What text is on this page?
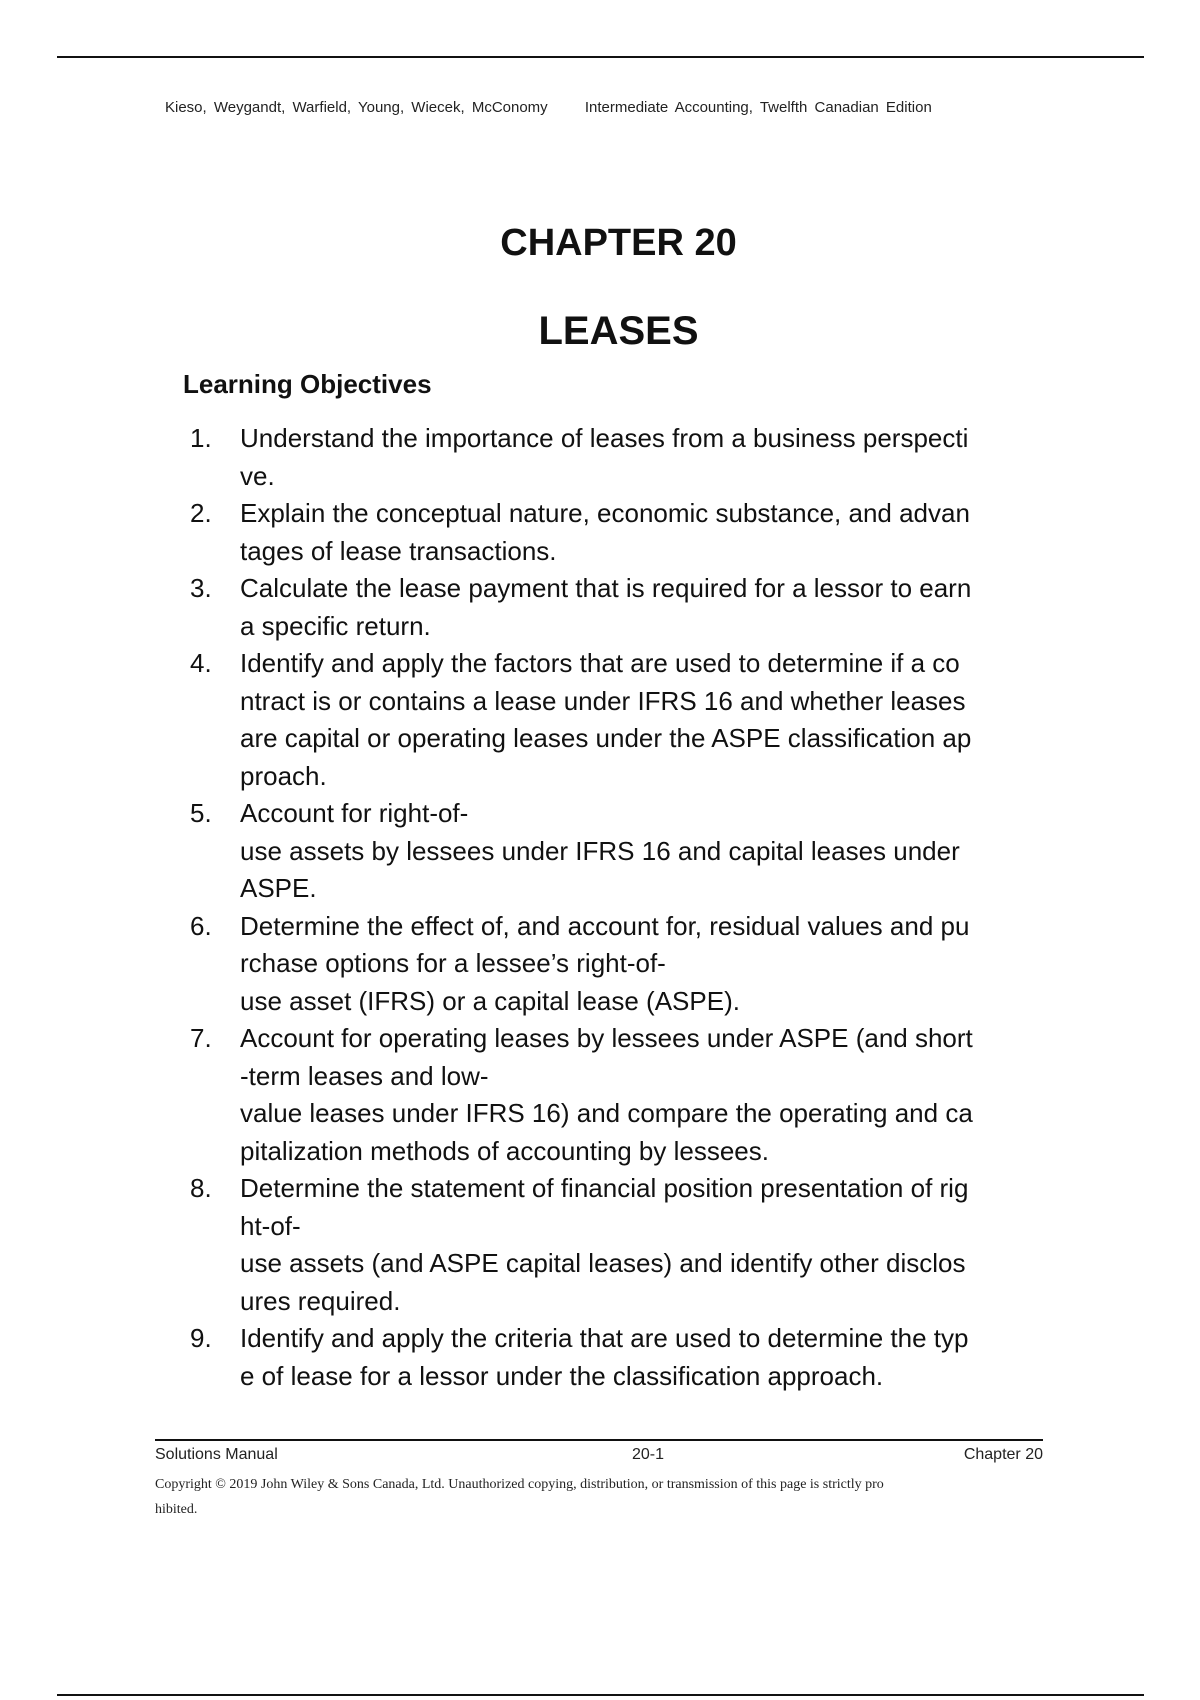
Kieso, Weygandt, Warfield, Young, Wiecek, McConomy Intermediate Accounting, Twelfth Canadian Edition
CHAPTER 20
LEASES
Learning Objectives
1.	Understand the importance of leases from a business perspecti
ve.
2.	Explain the conceptual nature, economic substance, and advan
tages of lease transactions.
3.	Calculate the lease payment that is required for a lessor to earn
a specific return.
4.	Identify and apply the factors that are used to determine if a co
ntract is or contains a lease under IFRS 16 and whether leases
are capital or operating leases under the ASPE classification ap
proach.
5.	Account for right-of-
use assets by lessees under IFRS 16 and capital leases under
ASPE.
6.	Determine the effect of, and account for, residual values and pu
rchase options for a lessee’s right-of-
use asset (IFRS) or a capital lease (ASPE).
7.	Account for operating leases by lessees under ASPE (and short
-term leases and low-
value leases under IFRS 16) and compare the operating and ca
pitalization methods of accounting by lessees.
8.	Determine the statement of financial position presentation of rig
ht-of-
use assets (and ASPE capital leases) and identify other disclos
ures required.
9.	Identify and apply the criteria that are used to determine the typ
e of lease for a lessor under the classification approach.
Solutions Manual	20-1	Chapter 20
Copyright © 2019 John Wiley & Sons Canada, Ltd. Unauthorized copying, distribution, or transmission of this page is strictly pro
hibited.
